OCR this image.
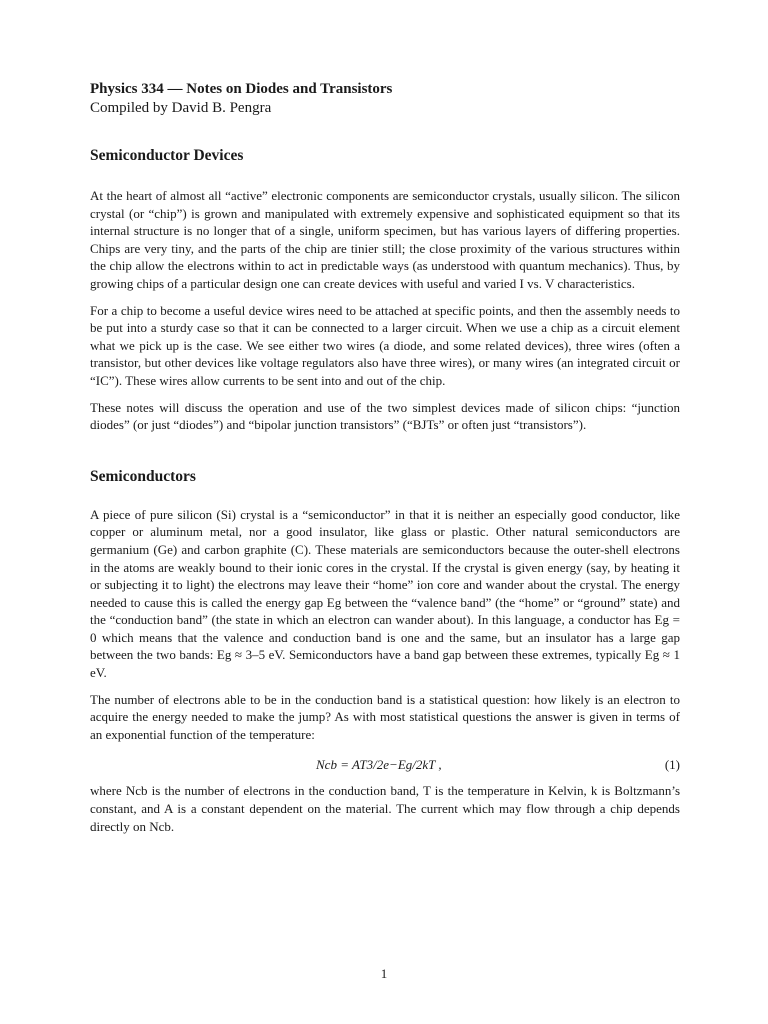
Physics 334 — Notes on Diodes and Transistors
Compiled by David B. Pengra
Semiconductor Devices

At the heart of almost all “active” electronic components are semiconductor crystals, usually silicon. The silicon crystal (or “chip”) is grown and manipulated with extremely expensive and sophisticated equipment so that its internal structure is no longer that of a single, uniform specimen, but has various layers of differing properties. Chips are very tiny, and the parts of the chip are tinier still; the close proximity of the various structures within the chip allow the electrons within to act in predictable ways (as understood with quantum mechanics). Thus, by growing chips of a particular design one can create devices with useful and varied I vs. V characteristics.

For a chip to become a useful device wires need to be attached at specific points, and then the assembly needs to be put into a sturdy case so that it can be connected to a larger circuit. When we use a chip as a circuit element what we pick up is the case. We see either two wires (a diode, and some related devices), three wires (often a transistor, but other devices like voltage regulators also have three wires), or many wires (an integrated circuit or “IC”). These wires allow currents to be sent into and out of the chip.

These notes will discuss the operation and use of the two simplest devices made of silicon chips: “junction diodes” (or just “diodes”) and “bipolar junction transistors” (“BJTs” or often just “transistors”).

Semiconductors

A piece of pure silicon (Si) crystal is a “semiconductor” in that it is neither an especially good conductor, like copper or aluminum metal, nor a good insulator, like glass or plastic. Other natural semiconductors are germanium (Ge) and carbon graphite (C). These materials are semiconductors because the outer-shell electrons in the atoms are weakly bound to their ionic cores in the crystal. If the crystal is given energy (say, by heating it or subjecting it to light) the electrons may leave their “home” ion core and wander about the crystal. The energy needed to cause this is called the energy gap Eg between the “valence band” (the “home” or “ground” state) and the “conduction band” (the state in which an electron can wander about). In this language, a conductor has Eg = 0 which means that the valence and conduction band is one and the same, but an insulator has a large gap between the two bands: Eg ≈ 3–5 eV. Semiconductors have a band gap between these extremes, typically Eg ≈ 1 eV.

The number of electrons able to be in the conduction band is a statistical question: how likely is an electron to acquire the energy needed to make the jump? As with most statistical questions the answer is given in terms of an exponential function of the temperature:

Ncb = AT3/2e−Eg/2kT ,	(1)

where Ncb is the number of electrons in the conduction band, T is the temperature in Kelvin, k is Boltzmann’s constant, and A is a constant dependent on the material. The current which may flow through a chip depends directly on Ncb.

1
